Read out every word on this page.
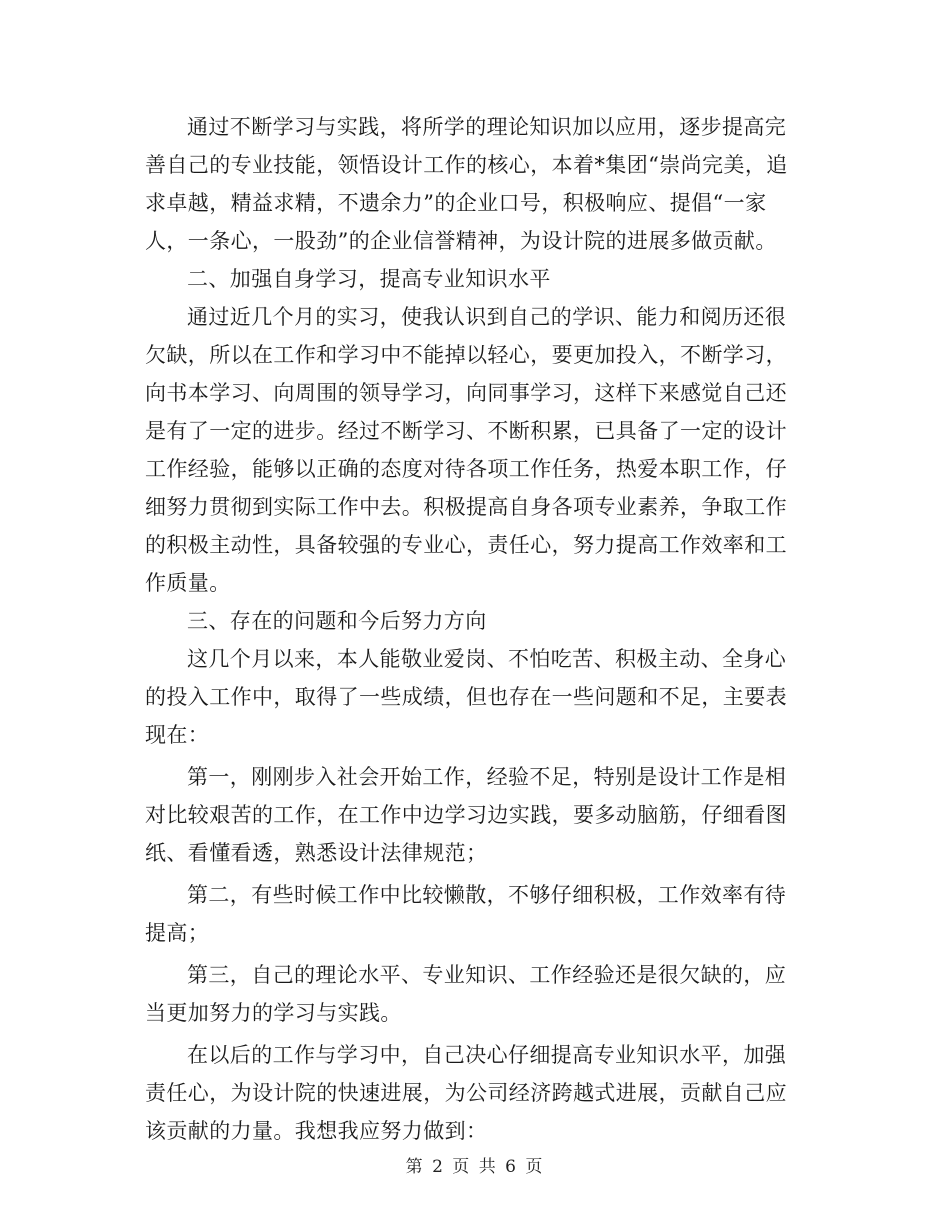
通过不断学习与实践，将所学的理论知识加以应用，逐步提高完
善自己的专业技能，领悟设计工作的核心，本着*集团“崇尚完美，追
求卓越，精益求精，不遗余力”的企业口号，积极响应、提倡“一家
人，一条心，一股劲”的企业信誉精神，为设计院的进展多做贡献。
二、加强自身学习，提高专业知识水平
通过近几个月的实习，使我认识到自己的学识、能力和阅历还很
欠缺，所以在工作和学习中不能掉以轻心，要更加投入，不断学习，
向书本学习、向周围的领导学习，向同事学习，这样下来感觉自己还
是有了一定的进步。经过不断学习、不断积累，已具备了一定的设计
工作经验，能够以正确的态度对待各项工作任务，热爱本职工作，仔
细努力贯彻到实际工作中去。积极提高自身各项专业素养，争取工作
的积极主动性，具备较强的专业心，责任心，努力提高工作效率和工
作质量。
三、存在的问题和今后努力方向
这几个月以来，本人能敬业爱岗、不怕吃苦、积极主动、全身心
的投入工作中，取得了一些成绩，但也存在一些问题和不足，主要表
现在：
第一，刚刚步入社会开始工作，经验不足，特别是设计工作是相
对比较艰苦的工作，在工作中边学习边实践，要多动脑筋，仔细看图
纸、看懂看透，熟悉设计法律规范；
第二，有些时候工作中比较懒散，不够仔细积极，工作效率有待
提高；
第三，自己的理论水平、专业知识、工作经验还是很欠缺的，应
当更加努力的学习与实践。
在以后的工作与学习中，自己决心仔细提高专业知识水平，加强
责任心，为设计院的快速进展，为公司经济跨越式进展，贡献自己应
该贡献的力量。我想我应努力做到：
第 2 页 共 6 页
